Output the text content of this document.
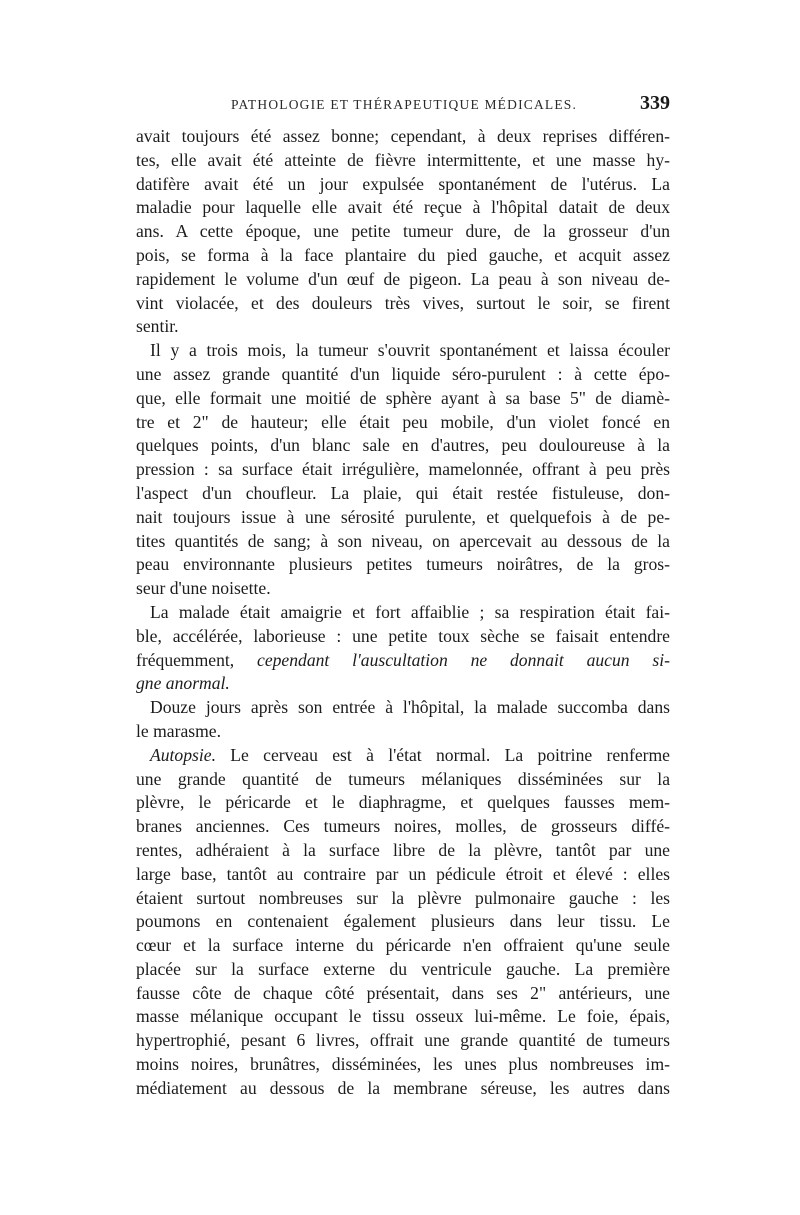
PATHOLOGIE ET THÉRAPEUTIQUE MÉDICALES.	339
avait toujours été assez bonne; cependant, à deux reprises différen-
tes, elle avait été atteinte de fièvre intermittente, et une masse hy-
datifère avait été un jour expulsée spontanément de l'utérus. La
maladie pour laquelle elle avait été reçue à l'hôpital datait de deux
ans. A cette époque, une petite tumeur dure, de la grosseur d'un
pois, se forma à la face plantaire du pied gauche, et acquit assez
rapidement le volume d'un œuf de pigeon. La peau à son niveau de-
vint violacée, et des douleurs très vives, surtout le soir, se firent
sentir.
Il y a trois mois, la tumeur s'ouvrit spontanément et laissa écouler
une assez grande quantité d'un liquide séro-purulent : à cette épo-
que, elle formait une moitié de sphère ayant à sa base 5" de diamè-
tre et 2" de hauteur; elle était peu mobile, d'un violet foncé en
quelques points, d'un blanc sale en d'autres, peu douloureuse à la
pression : sa surface était irrégulière, mamelonnée, offrant à peu près
l'aspect d'un choufleur. La plaie, qui était restée fistuleuse, don-
nait toujours issue à une sérosité purulente, et quelquefois à de pe-
tites quantités de sang; à son niveau, on apercevait au dessous de la
peau environnante plusieurs petites tumeurs noirâtres, de la gros-
seur d'une noisette.
La malade était amaigrie et fort affaiblie ; sa respiration était fai-
ble, accélérée, laborieuse : une petite toux sèche se faisait entendre
fréquemment, cependant l'auscultation ne donnait aucun si-
gne anormal.
Douze jours après son entrée à l'hôpital, la malade succomba dans
le marasme.
Autopsie. Le cerveau est à l'état normal. La poitrine renferme
une grande quantité de tumeurs mélaniques disséminées sur la
plèvre, le péricarde et le diaphragme, et quelques fausses mem-
branes anciennes. Ces tumeurs noires, molles, de grosseurs diffé-
rentes, adhéraient à la surface libre de la plèvre, tantôt par une
large base, tantôt au contraire par un pédicule étroit et élevé : elles
étaient surtout nombreuses sur la plèvre pulmonaire gauche : les
poumons en contenaient également plusieurs dans leur tissu. Le
cœur et la surface interne du péricarde n'en offraient qu'une seule
placée sur la surface externe du ventricule gauche. La première
fausse côte de chaque côté présentait, dans ses 2" antérieurs, une
masse mélanique occupant le tissu osseux lui-même. Le foie, épais,
hypertrophié, pesant 6 livres, offrait une grande quantité de tumeurs
moins noires, brunâtres, disséminées, les unes plus nombreuses im-
médiatement au dessous de la membrane séreuse, les autres dans
